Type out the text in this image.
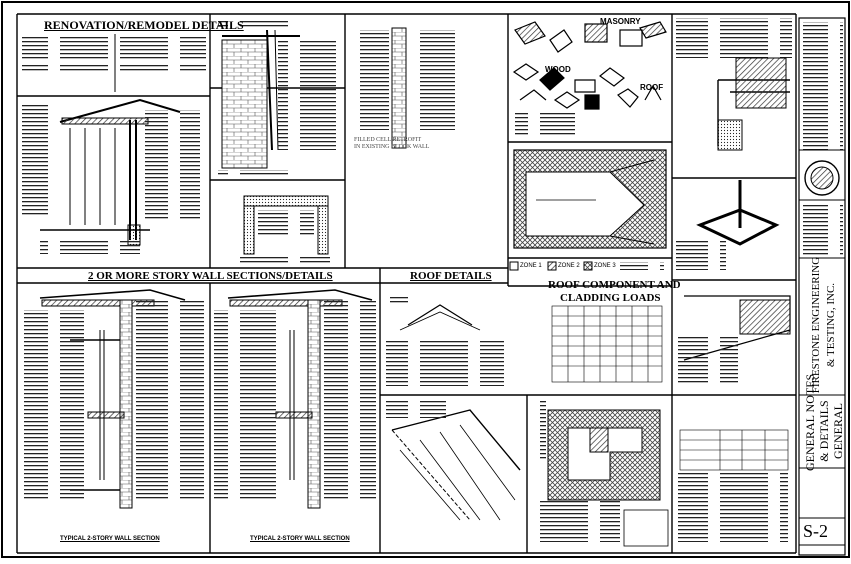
RENOVATION/REMODEL DETAILS
2 OR MORE STORY WALL SECTIONS/DETAILS	ROOF DETAILS
ROOF COMPONENT AND
CLADDING LOADS
FILLED CELL RETROFIT
IN EXISTING BLOCK WALL
MASONRY
WOOD
ROOF
ZONE 1	ZONE 2 ZONE 3
TYPICAL 2-STORY WALL SECTION	TYPICAL 2-STORY WALL SECTION
FIRESTONE ENGINEERING & TESTING, INC.
GENERAL NOTES & DETAILS GENERAL
S-2
